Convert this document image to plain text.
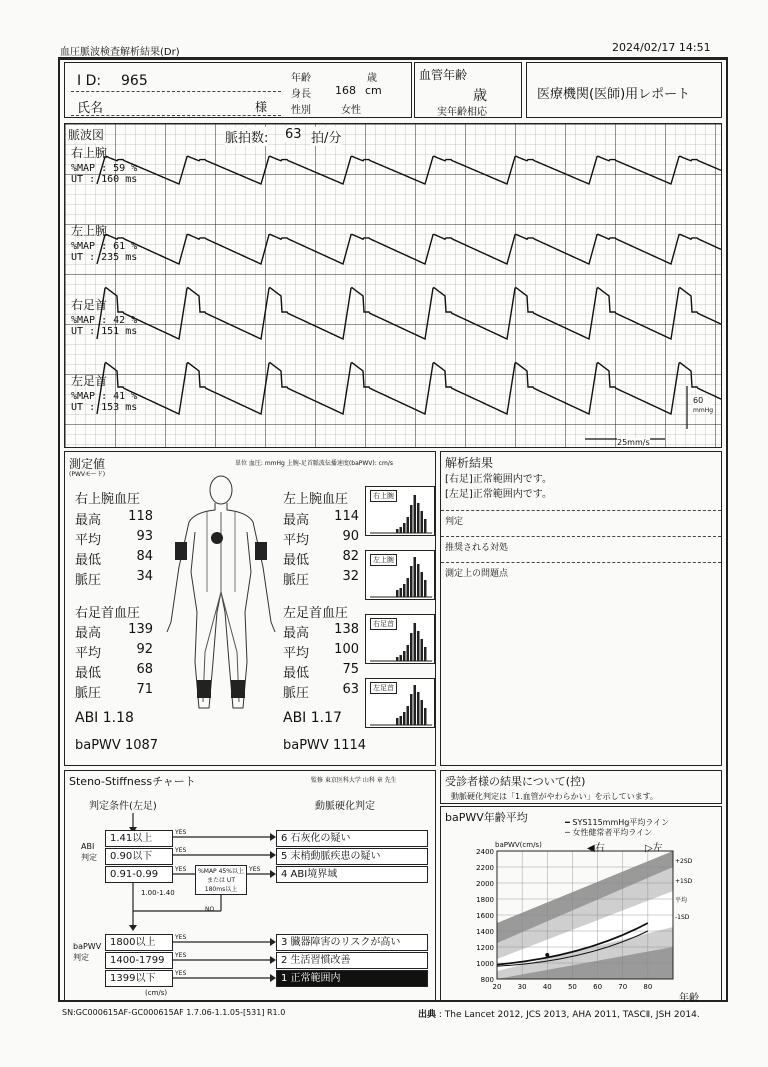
血圧脈波検査解析結果(Dr)	2024/02/17 14:51
I D: 965
氏名	様
年齢	歳
身長 168 cm
性別	女性
血管年齢
歳
実年齢相応
医療機関(医師)用レポート
脈波図	脈拍数: 63 拍/分
右上腕
%MAP : 59 %
UT : 160 ms
左上腕
%MAP : 61 %
UT : 235 ms
右足首
%MAP : 42 %
UT : 151 ms
左足首
%MAP : 41 %
UT : 153 ms
60
mmHg
25mm/s
測定値
(PWVモード)
単位 血圧: mmHg 上腕-足首脈波伝播速度(baPWV): cm/s
右上腕血圧
最高 118
平均	93
最低	84
脈圧	34
右足首血圧
最高 139
平均	92
最低	68
脈圧	71
左上腕血圧
最高 114
平均	90
最低	82
脈圧	32
左足首血圧
最高 138
平均 100
最低	75
脈圧	63
右上腕
左上腕
右足首
左足首
ABI 1.18	ABI 1.17
baPWV 1087	baPWV 1114
解析結果
[右足]正常範囲内です。
[左足]正常範囲内です。
判定
推奨される対処
測定上の問題点
Steno-Stiffnessチャート	監修 東京医科大学 山科 章 先生
判定条件(左足)	動脈硬化判定
ABI判定
1.41以上
0.90以下
0.91-0.99
YES
YES
YES	YES
1.00-1.40
NO
%MAP 45%以上 または UT 180ms以上
6 石灰化の疑い
5 末梢動脈疾患の疑い
4 ABI境界域
baPWV判定
1800以上
1400-1799
1399以下
YES
YES
YES
(cm/s)
3 臓器障害のリスクが高い
2 生活習慣改善
1 正常範囲内
受診者様の結果について(控)
動脈硬化判定は「1.血管がやわらかい」を示しています。
baPWV年齢平均	━ SYS115mmHg平均ライン
─ 女性健常者平均ライン
◀右	▷左
baPWV(cm/s)
年齢
2400
2200
2000
1800
1600
1400
1200
1000
800
20 30 40 50 60 70 80
+2SD
+1SD
平均
-1SD
SN:GC000615AF-GC000615AF 1.7.06-1.1.05-[531] R1.0	出典 : The Lancet 2012, JCS 2013, AHA 2011, TASCⅡ, JSH 2014.
